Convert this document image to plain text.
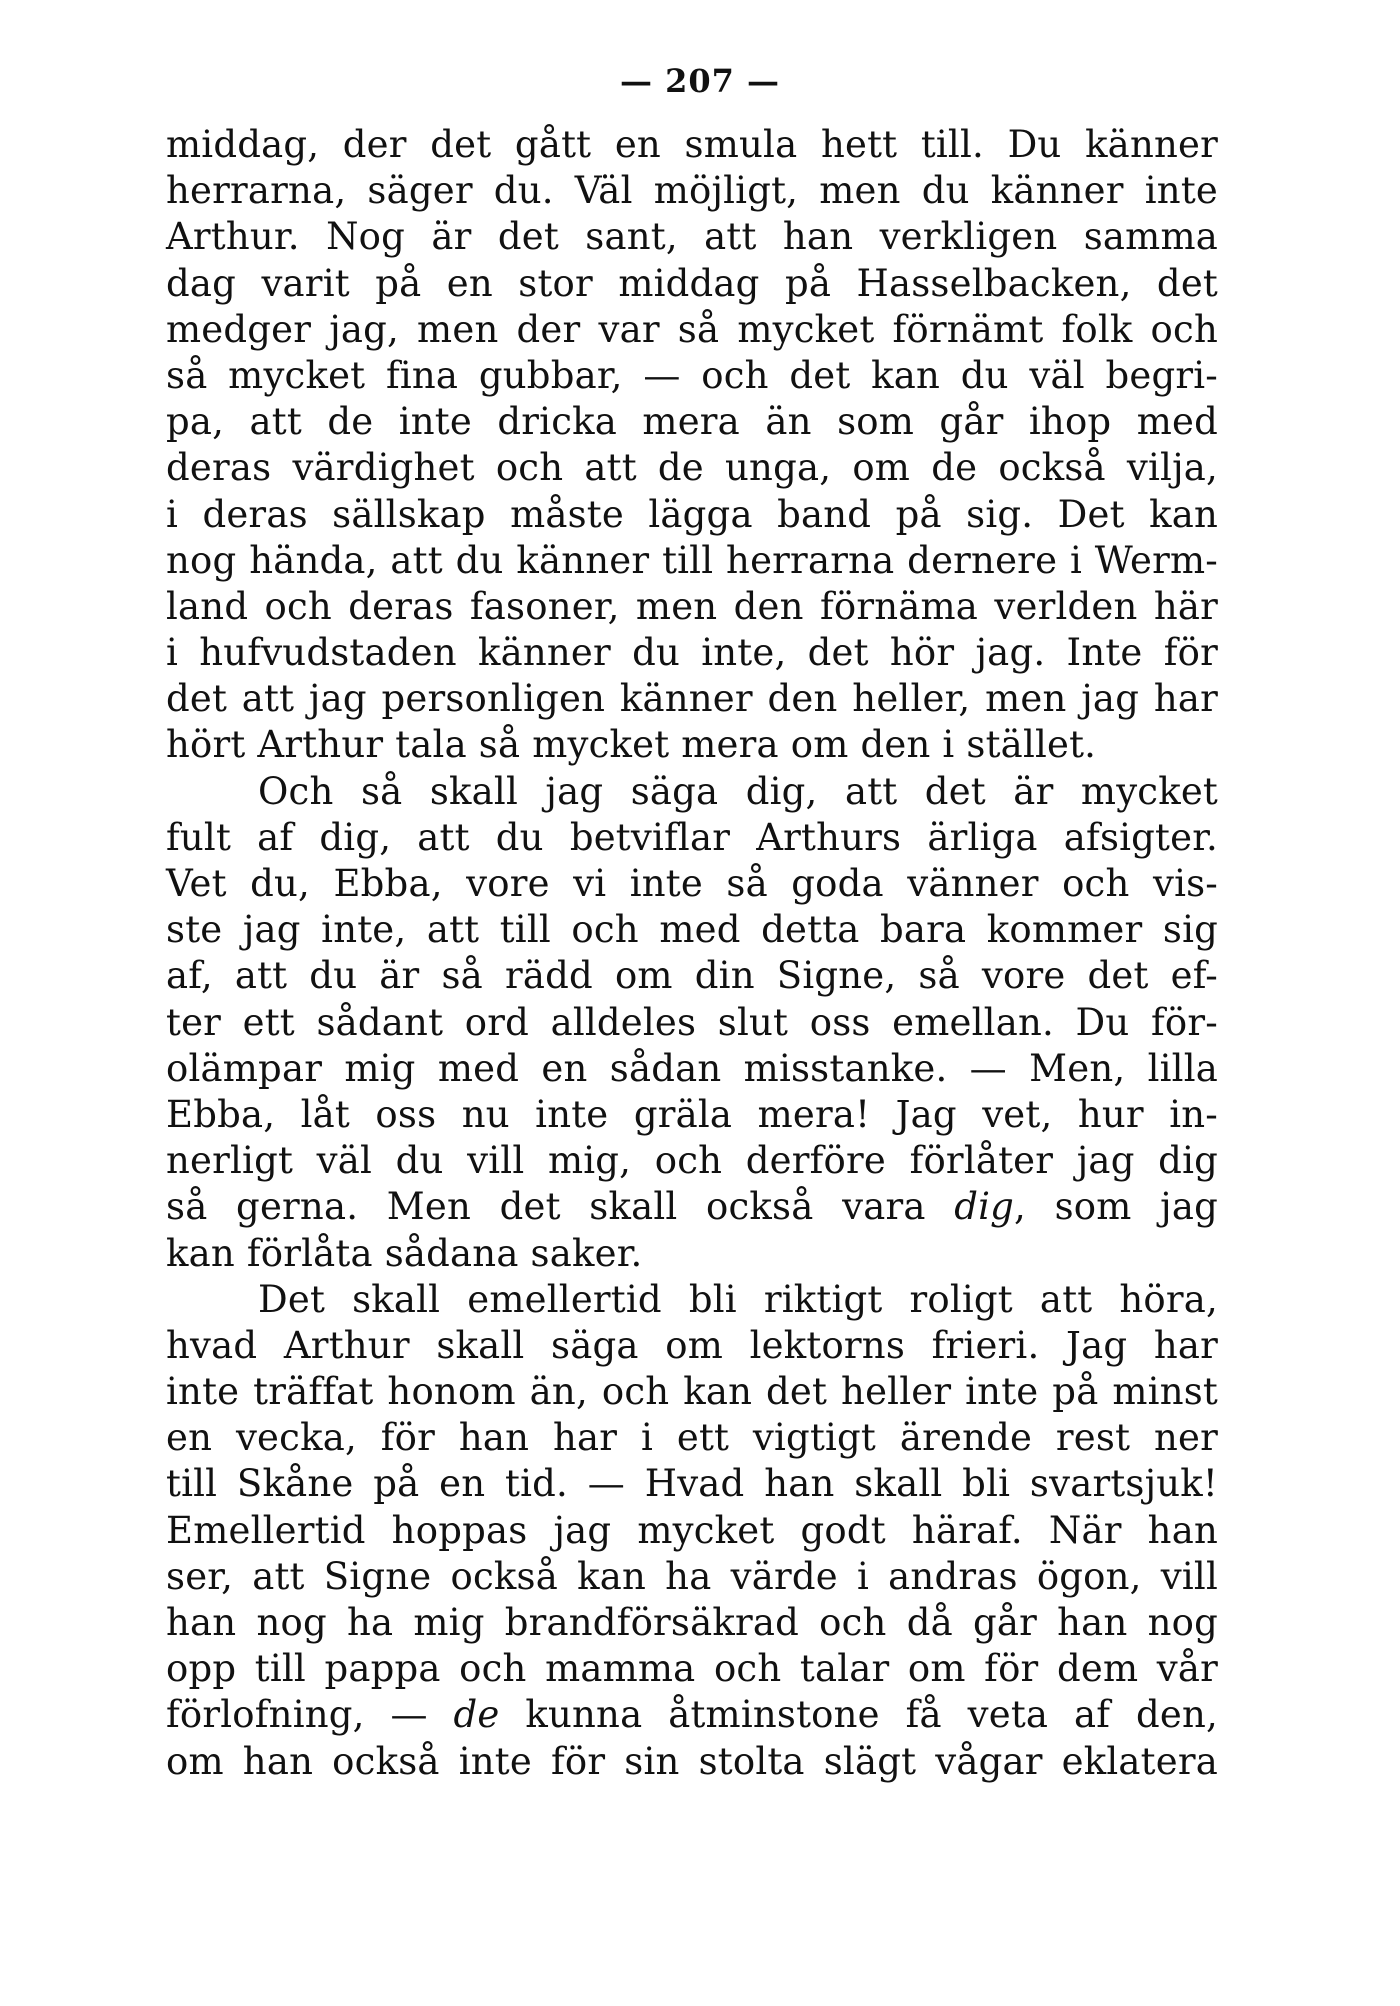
— 207 —
middag, der det gått en smula hett till. Du känner
herrarna, säger du. Väl möjligt, men du känner inte
Arthur. Nog är det sant, att han verkligen samma
dag varit på en stor middag på Hasselbacken, det
medger jag, men der var så mycket förnämt folk och
så mycket fina gubbar, — och det kan du väl begri-
pa, att de inte dricka mera än som går ihop med
deras värdighet och att de unga, om de också vilja,
i deras sällskap måste lägga band på sig. Det kan
nog hända, att du känner till herrarna dernere i Werm-
land och deras fasoner, men den förnäma verlden här
i hufvudstaden känner du inte, det hör jag. Inte för
det att jag personligen känner den heller, men jag har
hört Arthur tala så mycket mera om den i stället.
Och så skall jag säga dig, att det är mycket
fult af dig, att du betviflar Arthurs ärliga afsigter.
Vet du, Ebba, vore vi inte så goda vänner och vis-
ste jag inte, att till och med detta bara kommer sig
af, att du är så rädd om din Signe, så vore det ef-
ter ett sådant ord alldeles slut oss emellan. Du för-
olämpar mig med en sådan misstanke. — Men, lilla
Ebba, låt oss nu inte gräla mera! Jag vet, hur in-
nerligt väl du vill mig, och derföre förlåter jag dig
så gerna. Men det skall också vara dig, som jag
kan förlåta sådana saker.
Det skall emellertid bli riktigt roligt att höra,
hvad Arthur skall säga om lektorns frieri. Jag har
inte träffat honom än, och kan det heller inte på minst
en vecka, för han har i ett vigtigt ärende rest ner
till Skåne på en tid. — Hvad han skall bli svartsjuk!
Emellertid hoppas jag mycket godt häraf. När han
ser, att Signe också kan ha värde i andras ögon, vill
han nog ha mig brandförsäkrad och då går han nog
opp till pappa och mamma och talar om för dem vår
förlofning, — de kunna åtminstone få veta af den,
om han också inte för sin stolta slägt vågar eklatera
